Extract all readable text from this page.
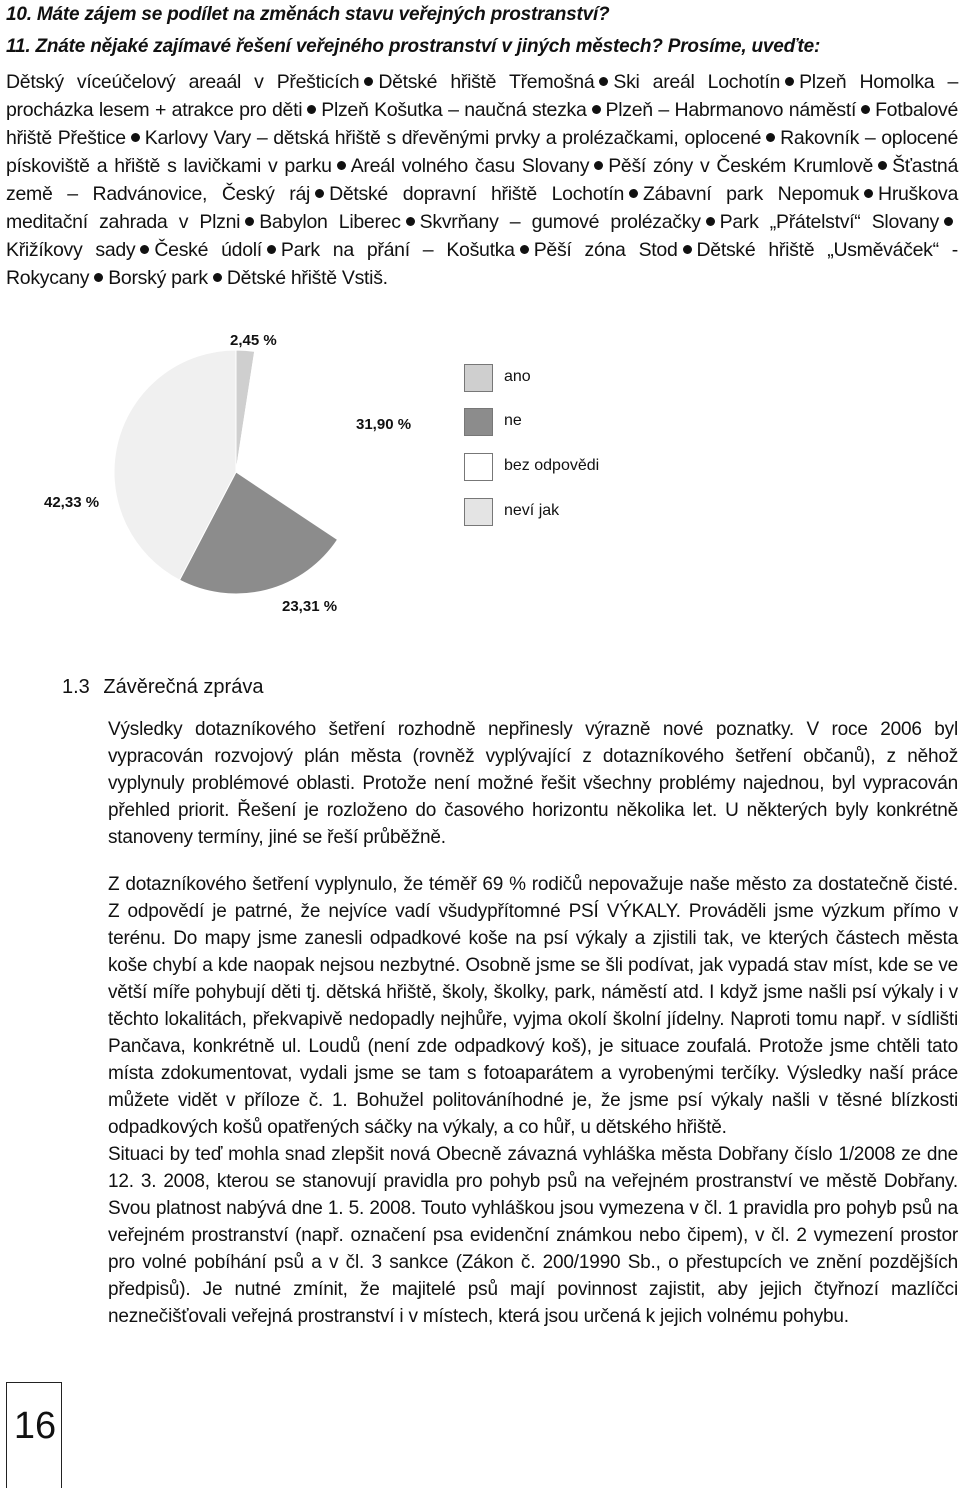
10. Máte zájem se podílet na změnách stavu veřejných prostranství?
11. Znáte nějaké zajímavé řešení veřejného prostranství v jiných městech? Prosíme, uveďte:
Dětský víceúčelový areaál v Přešticích Dětské hřiště Třemošná Ski areál Lochotín Plzeň Homolka – procházka lesem + atrakce pro děti Plzeň Košutka – naučná stezka Plzeň – Habrmanovo náměstí Fotbalové hřiště Přeštice Karlovy Vary – dětská hřiště s dřevěnými prvky a prolézačkami, oplocené Rakovník – oplocené pískoviště a hřiště s lavičkami v parku Areál volného času Slovany Pěší zóny v Českém Krumlově Šťastná země – Radvánovice, Český ráj Dětské dopravní hřiště Lochotín Zábavní park Nepomuk Hruškova meditační zahrada v Plzni Babylon Liberec Skvrňany – gumové prolézačky Park „Přátelství“ SlovanyKřižíkovy sady České údolí Park na přání – Košutka Pěší zóna Stod Dětské hřiště „Usměváček“ - Rokycany Borský park Dětské hřiště Vstiš.
31,90 %
23,31 %
42,33 %
2,45 %
ano
ne
bez odpovědi
neví jak
1.3 Závěrečná zpráva
Výsledky dotazníkového šetření rozhodně nepřinesly výrazně nové poznatky. V roce 2006 byl vypracován rozvojový plán města (rovněž vyplývající z dotazníkového šetření občanů), z něhož vyplynuly problémové oblasti. Protože není možné řešit všechny problémy najednou, byl vypracován přehled priorit. Řešení je rozloženo do časového horizontu několika let. U některých byly konkrétně stanoveny termíny, jiné se řeší průběžně.
Z dotazníkového šetření vyplynulo, že téměř 69 % rodičů nepovažuje naše město za dostatečně čisté. Z odpovědí je patrné, že nejvíce vadí všudypřítomné PSÍ VÝKALY. Prováděli jsme výzkum přímo v terénu. Do mapy jsme zanesli odpadkové koše na psí výkaly a zjistili tak, ve kterých částech města koše chybí a kde naopak nejsou nezbytné. Osobně jsme se šli podívat, jak vypadá stav míst, kde se ve větší míře pohybují děti tj. dětská hřiště, školy, školky, park, náměstí atd. I když jsme našli psí výkaly i v těchto lokalitách, překvapivě nedopadly nejhůře, vyjma okolí školní jídelny. Naproti tomu např. v sídlišti Pančava, konkrétně ul. Loudů (není zde odpadkový koš), je situace zoufalá. Protože jsme chtěli tato místa zdokumentovat, vydali jsme se tam s fotoaparátem a vyrobenými terčíky. Výsledky naší práce můžete vidět v příloze č. 1. Bohužel politováníhodné je, že jsme psí výkaly našli v těsné blízkosti odpadkových košů opatřených sáčky na výkaly, a co hůř, u dětského hřiště.
Situaci by teď mohla snad zlepšit nová Obecně závazná vyhláška města Dobřany číslo 1/2008 ze dne 12. 3. 2008, kterou se stanovují pravidla pro pohyb psů na veřejném prostranství ve městě Dobřany. Svou platnost nabývá dne 1. 5. 2008. Touto vyhláškou jsou vymezena v čl. 1 pravidla pro pohyb psů na veřejném prostranství (např. označení psa evidenční známkou nebo čipem), v čl. 2 vymezení prostor pro volné pobíhání psů a v čl. 3 sankce (Zákon č. 200/1990 Sb., o přestupcích ve znění pozdějších předpisů). Je nutné zmínit, že majitelé psů mají povinnost zajistit, aby jejich čtyřnozí mazlíčci neznečišťovali veřejná prostranství i v místech, která jsou určená k jejich volnému pohybu.
16
